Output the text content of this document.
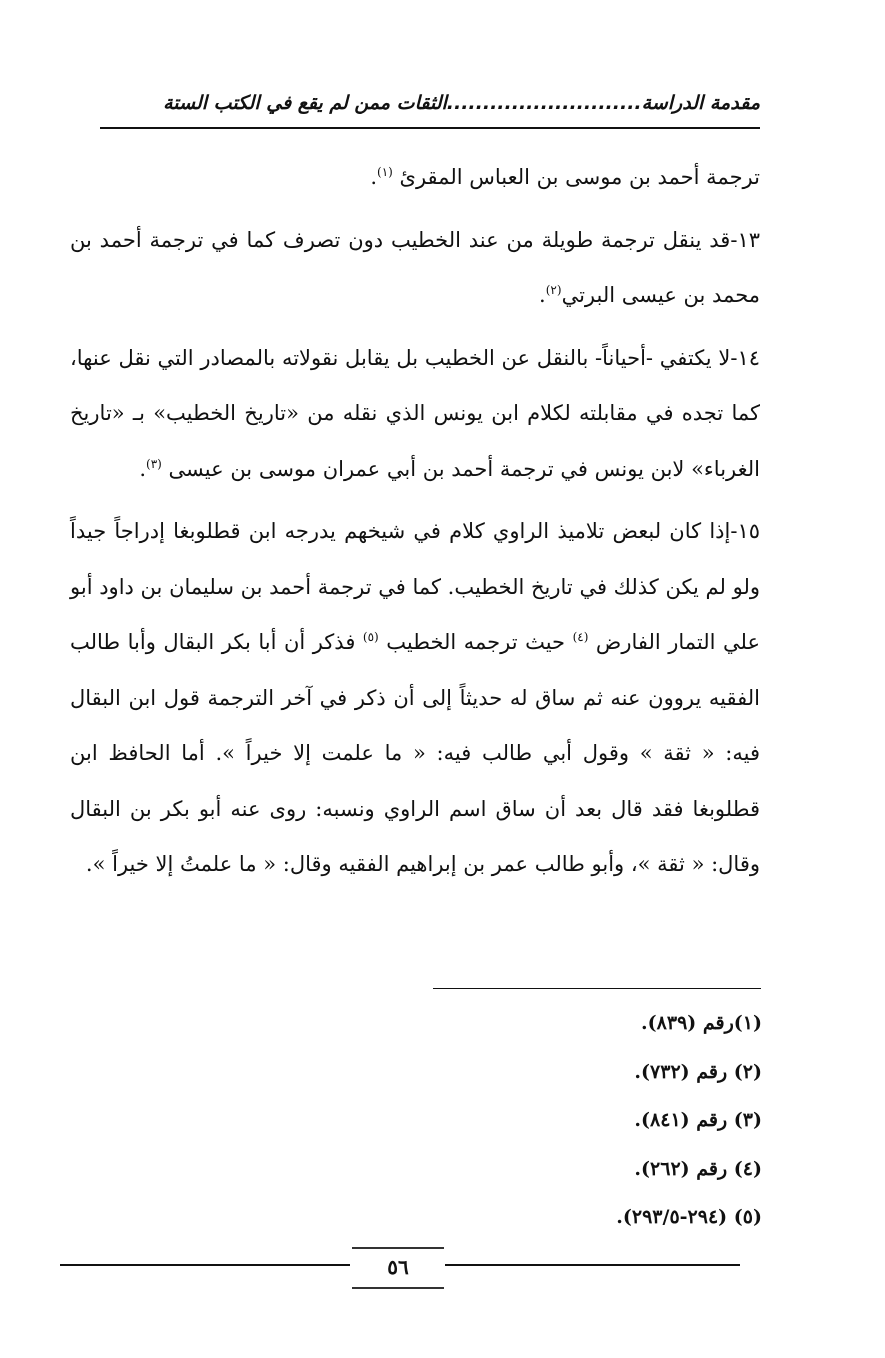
مقدمة الدراسة...........................الثقات ممن لم يقع في الكتب الستة

ترجمة أحمد بن موسى بن العباس المقرئ $^{(١)}$.

١٣-قد ينقل ترجمة طويلة من عند الخطيب دون تصرف كما في ترجمة أحمد بن محمد بن عيسى البرتي$^{(٢)}$.

١٤-لا يكتفي -أحياناً- بالنقل عن الخطيب بل يقابل نقولاته بالمصادر التي نقل عنها، كما تجده في مقابلته لكلام ابن يونس الذي نقله من «تاريخ الخطيب» بـ «تاريخ الغرباء» لابن يونس في ترجمة أحمد بن أبي عمران موسى بن عيسى $^{(٣)}$.

١٥-إذا كان لبعض تلاميذ الراوي كلام في شيخهم يدرجه ابن قطلوبغا إدراجاً جيداً ولو لم يكن كذلك في تاريخ الخطيب. كما في ترجمة أحمد بن سليمان بن داود أبو علي التمار الفارض $^{(٤)}$ حيث ترجمه الخطيب $^{(٥)}$ فذكر أن أبا بكر البقال وأبا طالب الفقيه يروون عنه ثم ساق له حديثاً إلى أن ذكر في آخر الترجمة قول ابن البقال فيه: « ثقة » وقول أبي طالب فيه: « ما علمت إلا خيراً ». أما الحافظ ابن قطلوبغا فقد قال بعد أن ساق اسم الراوي ونسبه: روى عنه أبو بكر بن البقال وقال: « ثقة »، وأبو طالب عمر بن إبراهيم الفقيه وقال: « ما علمتُ إلا خيراً ».

(١)رقم (٨٣٩).
(٢) رقم (٧٣٢).
(٣) رقم (٨٤١).
(٤) رقم (٢٦٢).
(٥) (٢٩٤-٢٩٣/٥).
٥٦
